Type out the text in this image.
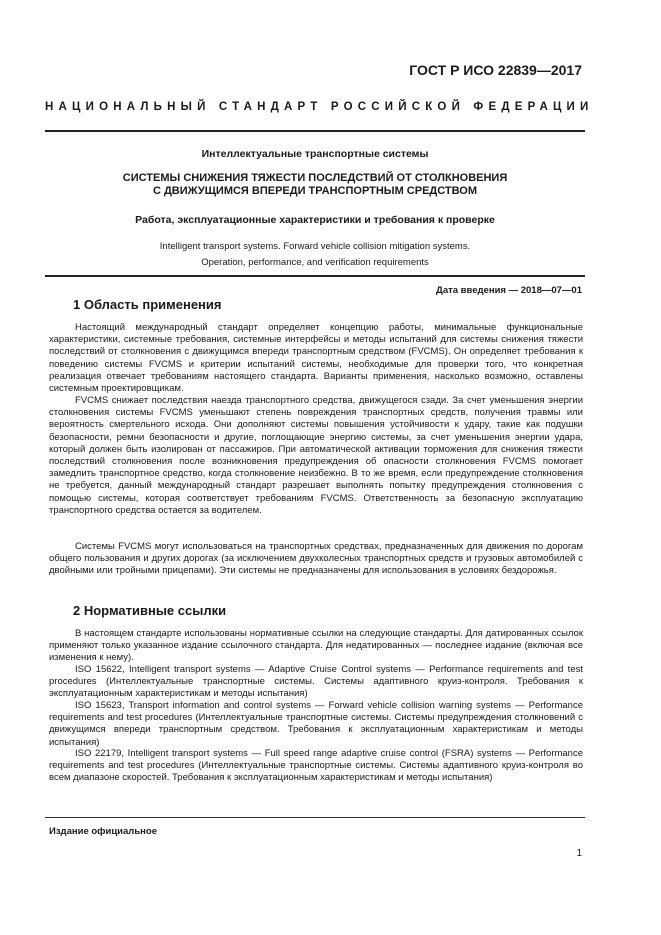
ГОСТ Р ИСО 22839—2017
НАЦИОНАЛЬНЫЙ СТАНДАРТ РОССИЙСКОЙ ФЕДЕРАЦИИ
Интеллектуальные транспортные системы
СИСТЕМЫ СНИЖЕНИЯ ТЯЖЕСТИ ПОСЛЕДСТВИЙ ОТ СТОЛКНОВЕНИЯ
С ДВИЖУЩИМСЯ ВПЕРЕДИ ТРАНСПОРТНЫМ СРЕДСТВОМ
Работа, эксплуатационные характеристики и требования к проверке
Intelligent transport systems. Forward vehicle collision mitigation systems.
Operation, performance, and verification requirements
Дата введения — 2018—07—01
1 Область применения

Настоящий международный стандарт определяет концепцию работы, минимальные функциональные характеристики, системные требования, системные интерфейсы и методы испытаний для системы снижения тяжести последствий от столкновения с движущимся впереди транспортным средством (FVCMS). Он определяет требования к поведению системы FVCMS и критерии испытаний системы, необходимые для проверки того, что конкретная реализация отвечает требованиям настоящего стандарта. Варианты применения, насколько возможно, оставлены системным проектировщикам.

FVCMS снижает последствия наезда транспортного средства, движущегося сзади. За счет уменьшения энергии столкновения системы FVCMS уменьшают степень повреждения транспортных средств, получения травмы или вероятность смертельного исхода. Они дополняют системы повышения устойчивости к удару, такие как подушки безопасности, ремни безопасности и другие, поглощающие энергию системы, за счет уменьшения энергии удара, который должен быть изолирован от пассажиров. При автоматической активации торможения для снижения тяжести последствий столкновения после возникновения предупреждения об опасности столкновения FVCMS помогает замедлить транспортное средство, когда столкновение неизбежно. В то же время, если предупреждение столкновения не требуется, данный международный стандарт разрешает выполнять попытку предупреждения столкновения с помощью системы, которая соответствует требованиям FVCMS. Ответственность за безопасную эксплуатацию транспортного средства остается за водителем.

Системы FVCMS могут использоваться на транспортных средствах, предназначенных для движения по дорогам общего пользования и других дорогах (за исключением двухколесных транспортных средств и грузовых автомобилей с двойными или тройными прицепами). Эти системы не предназначены для использования в условиях бездорожья.

2 Нормативные ссылки

В настоящем стандарте использованы нормативные ссылки на следующие стандарты. Для датированных ссылок применяют только указанное издание ссылочного стандарта. Для недатированных — последнее издание (включая все изменения к нему).

ISO 15622, Intelligent transport systems — Adaptive Cruise Control systems — Performance requirements and test procedures (Интеллектуальные транспортные системы. Системы адаптивного круиз-контроля. Требования к эксплуатационным характеристикам и методы испытания)

ISO 15623, Transport information and control systems — Forward vehicle collision warning systems — Performance requirements and test procedures (Интеллектуальные транспортные системы. Системы предупреждения столкновений с движущимся впереди транспортным средством. Требования к эксплуатационным характеристикам и методы испытания)

ISO 22179, Intelligent transport systems — Full speed range adaptive cruise control (FSRA) systems — Performance requirements and test procedures (Интеллектуальные транспортные системы. Системы адаптивного круиз-контроля во всем диапазоне скоростей. Требования к эксплуатационным характеристикам и методы испытания)

Издание официальное
1
